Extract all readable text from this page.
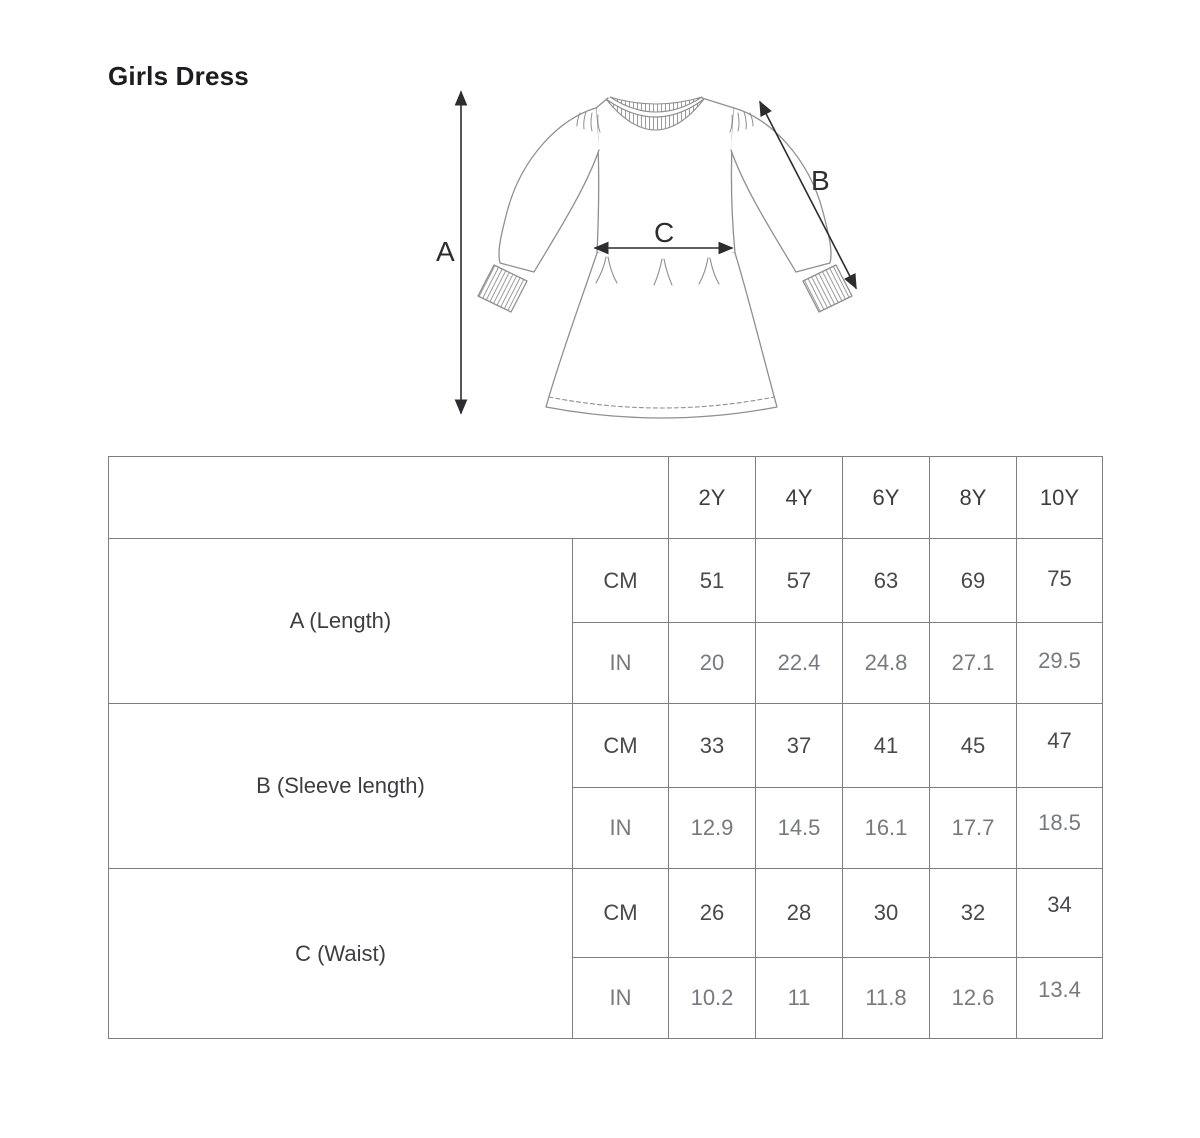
Girls Dress
A
B
C
		2Y	4Y	6Y	8Y	10Y
A (Length)	CM	51	57	63	69	75
	IN	20	22.4	24.8	27.1	29.5
B (Sleeve length)	CM	33	37	41	45	47
	IN	12.9	14.5	16.1	17.7	18.5
C (Waist)	CM	26	28	30	32	34
	IN	10.2	11	11.8	12.6	13.4
